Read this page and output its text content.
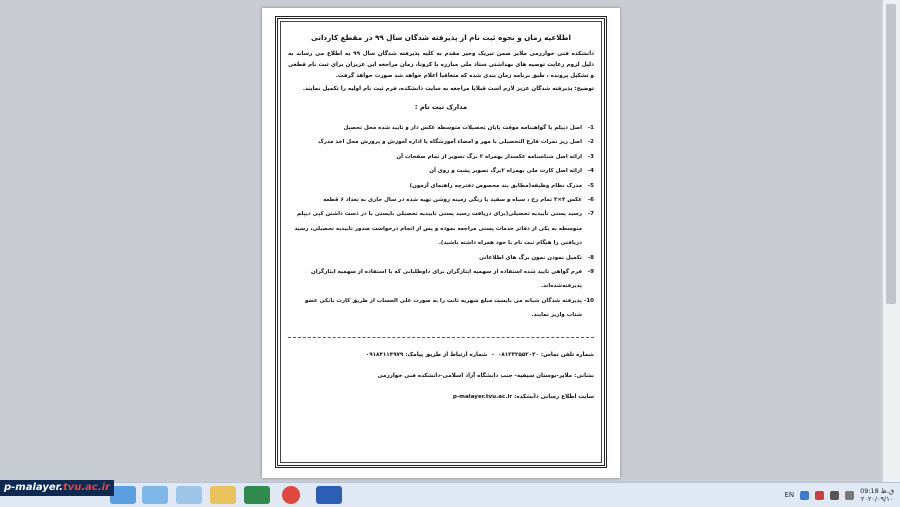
اطلاعیه زمان و نحوه ثبت نام از پذیرفته شدگان سال ۹۹ در مقطع کاردانی
دانشکده فنی خوارزمی ملایر ضمن تبریک وخیر مقدم به کلیه پذیرفته شدگان سال ۹۹ به اطلاع می رساند به دلیل لزوم رعایت توصیه های بهداشتی ستاد ملی مبارزه با کرونا، زمان مراجعه این عزیزان برای ثبت نام قطعی و تشکیل پرونده ، طبق برنامه زمان بندی شده که متعاقبا اعلام خواهد شد صورت خواهد گرفت.
توضیح: پذیرفته شدگان عزیز لازم است قبلابا مراجعه به سایت دانشکده، فرم ثبت نام اولیه را تکمیل نمایند.
مدارک ثبت نام :
1-
اصل دیپلم یا گواهینامه موقت پایان تحصیلات متوسطه عکس دار و تایید شده محل تحصیل
2-
اصل ریز نمرات فارغ التحصیلی با مهر و امضاء آموزشگاه یا اداره آموزش و پرورش محل اخذ مدرک
3-
ارائه اصل شناسنامه عکسدار بهمراه ۲ برگ تصویر از تمام صفحات آن
4-
ارائه اصل کارت ملی بهمراه ۲برگ تصویر پشت و روی آن
5-
مدرک نظام وظیفه(مطابق بند مخصوص دفترچه راهنمای آزمون)
6-
عکس ۴×۳ تمام رخ ، سیاه و سفید یا رنگی زمینه روشن تهیه شده در سال جاری به تعداد ۶ قطعه
7-
رسید پستی تأییدیه تحصیلی(برای دریافت رسید پستی تاییدیه تحصیلی بایستی با در دست داشتن کپی دیپلم متوسطه به یکی از دفاتر خدمات پستی مراجعه نموده و پس از انجام درخواست صدور تاییدیه تحصیلی، رسید دریافتی را هنگام ثبت نام با خود همراه داشته باشید).
8-
تکمیل نمودن نمون برگ های اطلاعاتی
9-
فرم گواهی تایید شده استفاده از سهمیه ایثارگران برای داوطلبانی که با استفاده از سهمیه ایثارگران پذیرفته‌شده‌اند.
10-
پذیرفته شدگان شبانه می بایست مبلغ شهریه ثابت را به صورت علی الحساب از طریق کارت بانکی عضو شتاب واریز نمایند.
شماره تلفن تماس: ۰۸۱۳۳۲۵۵۲۰۳۰  –  شماره ارتباط از طریق پیامک: ۰۹۱۸۴۱۱۴۹۷۹
نشانی: ملایر-بوستان سیفیه- جنب دانشگاه آزاد اسلامی-دانشکده فنی خوارزمی
سایت اطلاع رسانی دانشکده: p-malayer.tvu.ac.ir
EN	09:18 ق.ظ
۲۰۲۰/۰۹/۱۰
p-malayer.tvu.ac.ir
